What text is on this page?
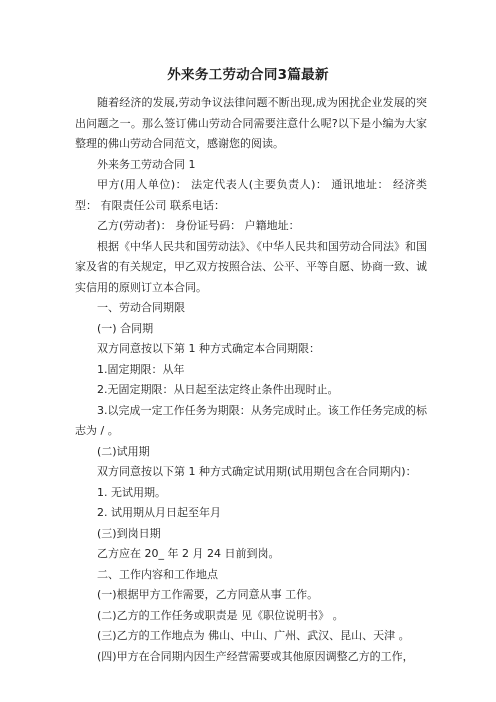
外来务工劳动合同3篇最新

随着经济的发展,劳动争议法律问题不断出现,成为困扰企业发展的突出问题之一。那么签订佛山劳动合同需要注意什么呢?以下是小编为大家整理的佛山劳动合同范文，感谢您的阅读。

外来务工劳动合同 1

甲方(用人单位)： 法定代表人(主要负责人)： 通讯地址： 经济类型： 有限责任公司 联系电话：

乙方(劳动者)： 身份证号码： 户籍地址：

根据《中华人民共和国劳动法》、《中华人民共和国劳动合同法》和国家及省的有关规定，甲乙双方按照合法、公平、平等自愿、协商一致、诚实信用的原则订立本合同。

一、劳动合同期限

(一) 合同期

双方同意按以下第 1 种方式确定本合同期限：

1.固定期限：从年

2.无固定期限：从日起至法定终止条件出现时止。

3.以完成一定工作任务为期限：从务完成时止。该工作任务完成的标志为 / 。

(二)试用期

双方同意按以下第 1 种方式确定试用期(试用期包含在合同期内)：

1. 无试用期。

2. 试用期从月日起至年月

(三)到岗日期

乙方应在 20_ 年 2 月 24 日前到岗。

二、工作内容和工作地点

(一)根据甲方工作需要，乙方同意从事 工作。

(二)乙方的工作任务或职责是 见《职位说明书》 。

(三)乙方的工作地点为 佛山、中山、广州、武汉、昆山、天津 。

(四)甲方在合同期内因生产经营需要或其他原因调整乙方的工作，
